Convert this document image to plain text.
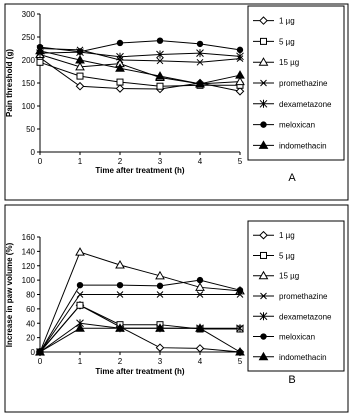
0
50
100
150
200
250
300
0	1	2	3	4	5
Pain threshold (g)
Time after treatment (h)
A
1 µg
5 µg
15 µg
promethazine
dexametazone
meloxican
indomethacin
0
20
40
60
80
100
120
140
160
0	1	2	3	4	5
Increase in paw volume (%)
Time after treatment (h)
B
1 µg
5 µg
15 µg
promethazine
dexametazone
meloxican
indomethacin
